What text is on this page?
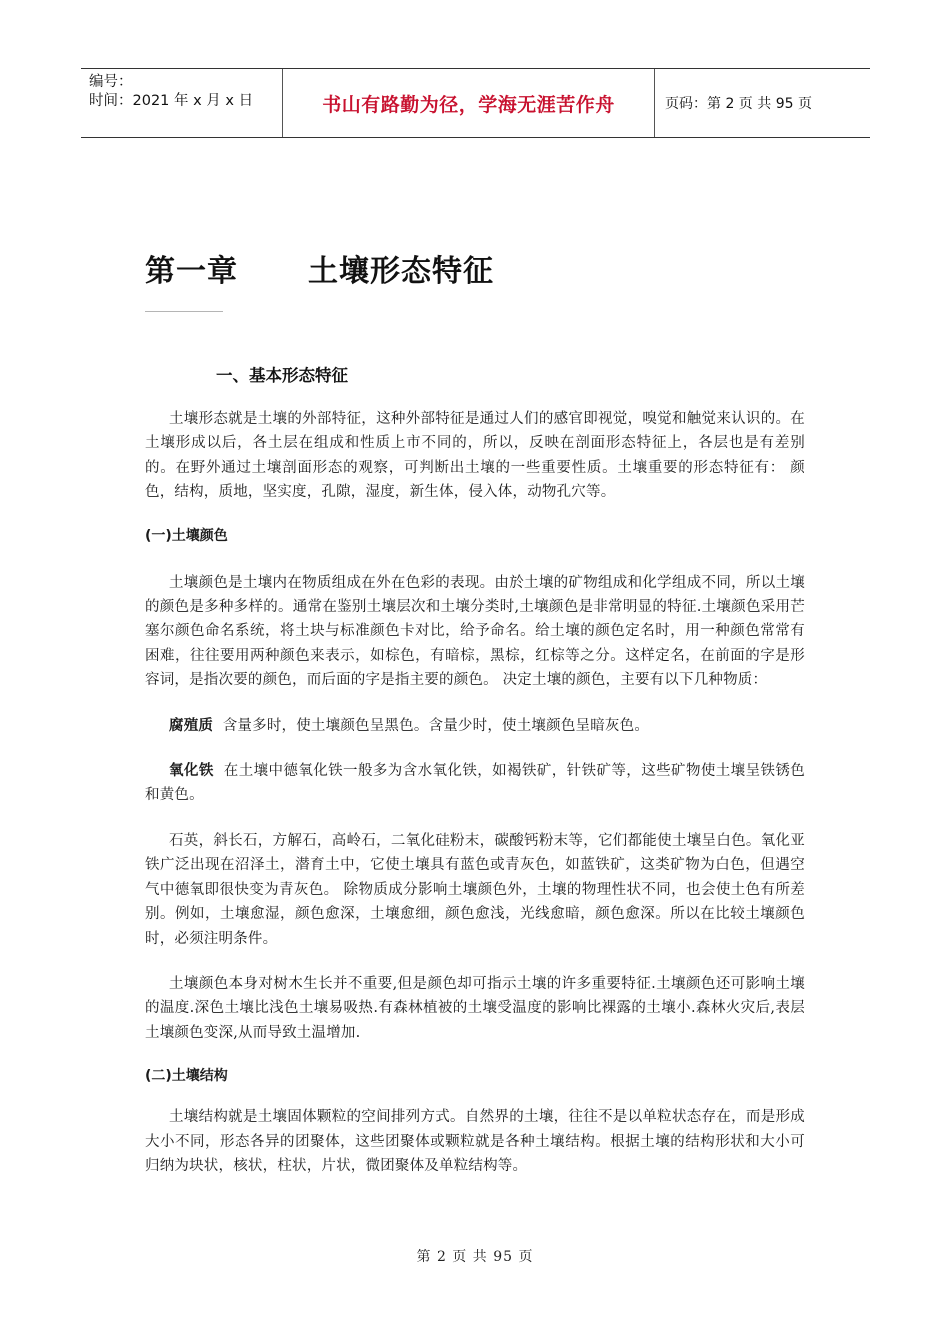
编号：
时间：2021 年 x 月 x 日	书山有路勤为径，学海无涯苦作舟	页码：第 2 页 共 95 页
第一章 土壤形态特征
一、基本形态特征

土壤形态就是土壤的外部特征，这种外部特征是通过人们的感官即视觉，嗅觉和触觉来认识的。在土壤形成以后，各土层在组成和性质上市不同的，所以，反映在剖面形态特征上，各层也是有差别的。在野外通过土壤剖面形态的观察，可判断出土壤的一些重要性质。土壤重要的形态特征有： 颜色，结构，质地，坚实度，孔隙，湿度，新生体，侵入体，动物孔穴等。

(一)土壤颜色

土壤颜色是土壤内在物质组成在外在色彩的表现。由於土壤的矿物组成和化学组成不同，所以土壤的颜色是多种多样的。通常在鉴别土壤层次和土壤分类时,土壤颜色是非常明显的特征.土壤颜色采用芒塞尔颜色命名系统，将土块与标准颜色卡对比，给予命名。给土壤的颜色定名时，用一种颜色常常有困难，往往要用两种颜色来表示，如棕色，有暗棕，黑棕，红棕等之分。这样定名，在前面的字是形容词，是指次要的颜色，而后面的字是指主要的颜色。 决定土壤的颜色，主要有以下几种物质：

腐殖质 含量多时，使土壤颜色呈黑色。含量少时，使土壤颜色呈暗灰色。

氧化铁 在土壤中德氧化铁一般多为含水氧化铁，如褐铁矿，针铁矿等，这些矿物使土壤呈铁锈色和黄色。

石英，斜长石，方解石，高岭石，二氧化硅粉末，碳酸钙粉末等，它们都能使土壤呈白色。氧化亚铁广泛出现在沼泽土，潜育土中，它使土壤具有蓝色或青灰色，如蓝铁矿，这类矿物为白色，但遇空气中德氧即很快变为青灰色。 除物质成分影响土壤颜色外，土壤的物理性状不同，也会使土色有所差别。例如，土壤愈湿，颜色愈深，土壤愈细，颜色愈浅，光线愈暗，颜色愈深。所以在比较土壤颜色时，必须注明条件。

土壤颜色本身对树木生长并不重要,但是颜色却可指示土壤的许多重要特征.土壤颜色还可影响土壤的温度.深色土壤比浅色土壤易吸热.有森林植被的土壤受温度的影响比裸露的土壤小.森林火灾后,表层土壤颜色变深,从而导致土温增加.

(二)土壤结构

土壤结构就是土壤固体颗粒的空间排列方式。自然界的土壤，往往不是以单粒状态存在，而是形成大小不同，形态各异的团聚体，这些团聚体或颗粒就是各种土壤结构。根据土壤的结构形状和大小可归纳为块状，核状，柱状，片状，微团聚体及单粒结构等。

第 2 页 共 95 页
